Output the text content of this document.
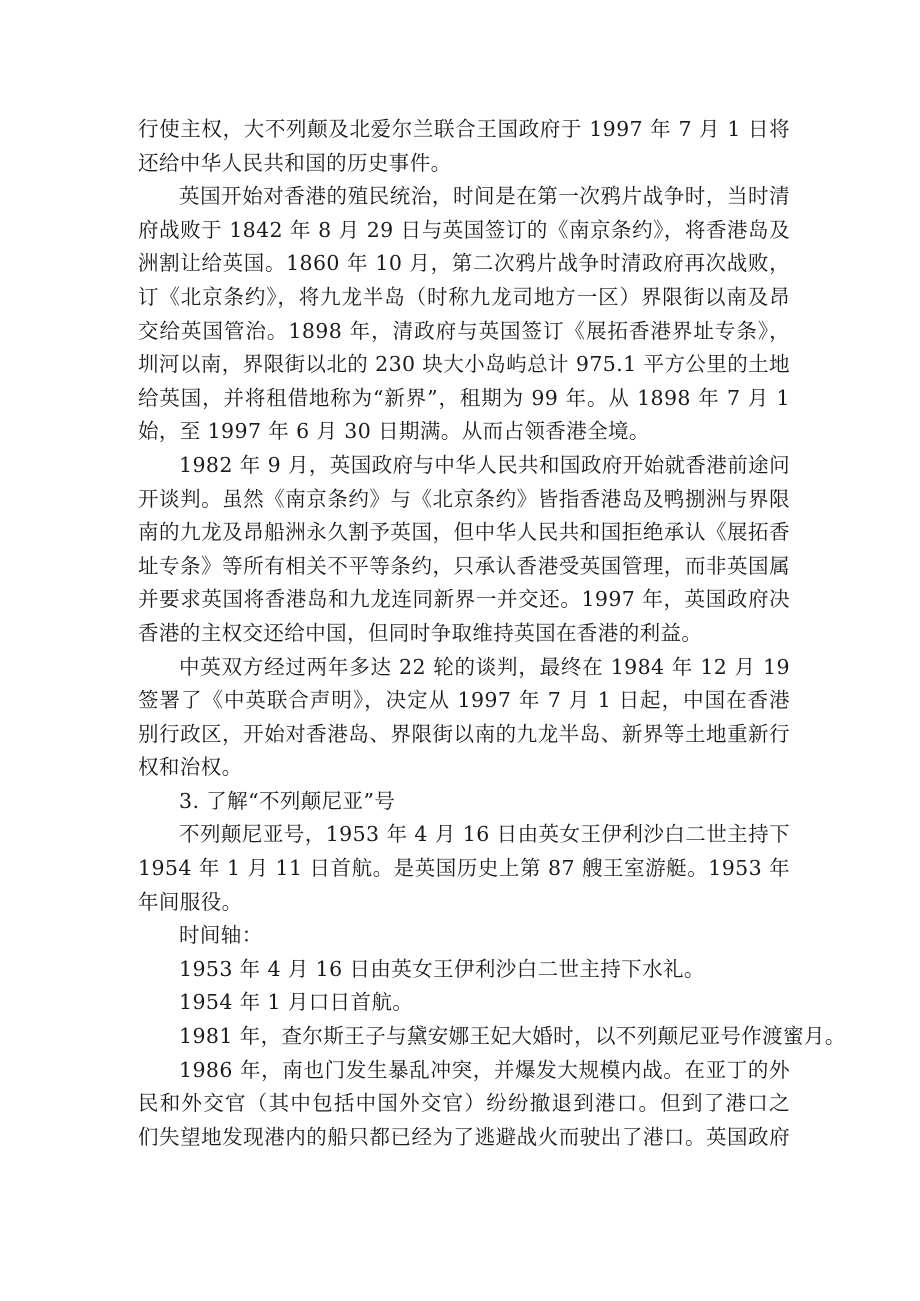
行使主权，大不列颠及北爱尔兰联合王国政府于 1997 年 7 月 1 日将
还给中华人民共和国的历史事件。
英国开始对香港的殖民统治，时间是在第一次鸦片战争时，当时清
府战败于 1842 年 8 月 29 日与英国签订的《南京条约》，将香港岛及
洲割让给英国。1860 年 10 月，第二次鸦片战争时清政府再次战败，
订《北京条约》，将九龙半岛（时称九龙司地方一区）界限街以南及昂
交给英国管治。1898 年，清政府与英国签订《展拓香港界址专条》，
圳河以南，界限街以北的 230 块大小岛屿总计 975.1 平方公里的土地
给英国，并将租借地称为“新界”，租期为 99 年。从 1898 年 7 月 1
始，至 1997 年 6 月 30 日期满。从而占领香港全境。
1982 年 9 月，英国政府与中华人民共和国政府开始就香港前途问
开谈判。虽然《南京条约》与《北京条约》皆指香港岛及鸭捌洲与界限
南的九龙及昂船洲永久割予英国，但中华人民共和国拒绝承认《展拓香
址专条》等所有相关不平等条约，只承认香港受英国管理，而非英国属
并要求英国将香港岛和九龙连同新界一并交还。1997 年，英国政府决
香港的主权交还给中国，但同时争取维持英国在香港的利益。
中英双方经过两年多达 22 轮的谈判，最终在 1984 年 12 月 19
签署了《中英联合声明》，决定从 1997 年 7 月 1 日起，中国在香港
别行政区，开始对香港岛、界限街以南的九龙半岛、新界等土地重新行
权和治权。
3. 了解“不列颠尼亚”号
不列颠尼亚号，1953 年 4 月 16 日由英女王伊利沙白二世主持下
1954 年 1 月 11 日首航。是英国历史上第 87 艘王室游艇。1953 年
年间服役。
时间轴：
1953 年 4 月 16 日由英女王伊利沙白二世主持下水礼。
1954 年 1 月口日首航。
1981 年，查尔斯王子与黛安娜王妃大婚时，以不列颠尼亚号作渡蜜月。
1986 年，南也门发生暴乱冲突，并爆发大规模内战。在亚丁的外
民和外交官（其中包括中国外交官）纷纷撤退到港口。但到了港口之
们失望地发现港内的船只都已经为了逃避战火而驶出了港口。英国政府
